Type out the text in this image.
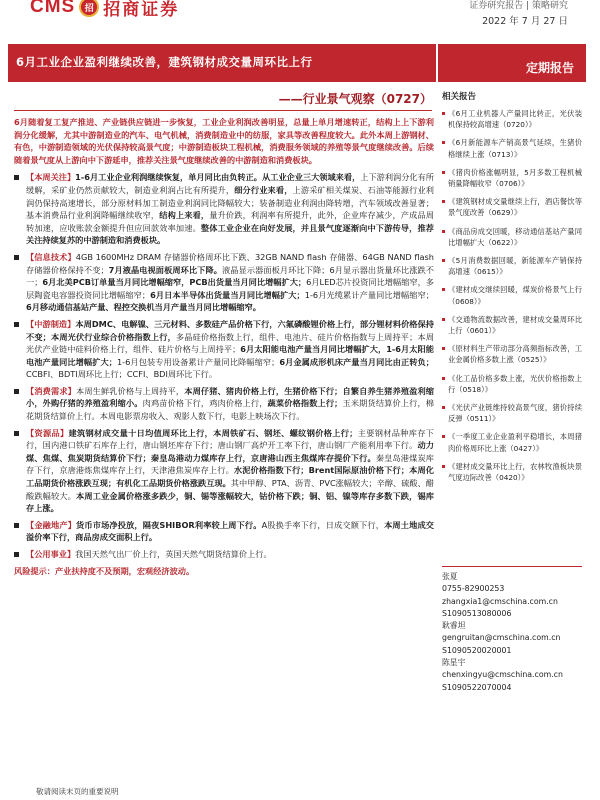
CMS	招 招商证券	证券研究报告 | 策略研究
2022 年 7 月 27 日
6月工业企业盈利继续改善，建筑钢材成交量周环比上行	定期报告
——行业景气观察（0727）
6月随着复工复产推进、产业链供应链进一步恢复，工业企业利润改善明显，总量上单月增速转正，结构上上下游利润分化缓解，尤其中游制造业的汽车、电气机械，消费制造业中的纺服，家具等改善程度较大。此外本周上游钢材、有色，中游制造领域的光伏保持较高景气度；中游制造板块工程机械，消费服务领域的养殖等景气度继续改善。后续随着景气度从上游向中下游延申，推荐关注景气度继续改善的中游制造和消费板块。
【本周关注】1-6月工业企业利润继续恢复，单月同比由负转正。从工业企业三大领域来看，上下游利润分化有所缓解，采矿业仍然贡献较大，制造业利润占比有所提升，细分行业来看，上游采矿相关煤炭、石油等能源行业利润仍保持高速增长，部分原材料加工制造业利润同比降幅较大；装备制造业利润由降转增，汽车领域改善显著；基本消费品行业利润降幅继续收窄，结构上来看，量升价跌，利润率有所提升，此外，企业库存减少，产成品周转加速，应收账款金额提升但应回款效率加速。整体工业企业在向好发展，并且景气度逐渐向中下游传导，推荐关注持续复苏的中游制造和消费板块。
【信息技术】4GB 1600MHz DRAM 存储器价格周环比下跌、32GB NAND flash 存储器、64GB NAND flash 存储器价格保持不变；7月液晶电视面板周环比下降。液晶显示器面板月环比下降；6月显示器出货量环比涨跌不一；6月北美PCB订单量当月同比增幅缩窄，PCB出货量当月同比增幅扩大；6月LED芯片投资同比增幅缩窄，多层陶瓷电容器投资同比增幅缩窄；6月日本半导体出货量当月同比增幅扩大；1-6月光缆累计产量同比增幅缩窄；6月移动通信基站产量、程控交换机当月产量当月同比增幅缩窄。
【中游制造】本周DMC、电解镍、三元材料、多数硅产品价格下行，六氟磷酸锂价格上行，部分锂材料价格保持不变；本周光伏行业综合价格指数上行，多晶硅价格指数上行，组件、电池片、硅片价格指数与上周持平；本周光伏产业链中硅料价格上行，组件、硅片价格与上周持平；6月太阳能电池产量当月同比增幅扩大，1-6月太阳能电池产量同比增幅扩大；1-6月包装专用设备累计产量同比降幅缩窄；6月金属成形机床产量当月同比由正转负；CCBFI、BDTI周环比上行；CCFI、BDI周环比下行。
【消费需求】本周生鲜乳价格与上周持平，本周仔猪、猪肉价格上行，生猪价格下行；自繁自养生猪养殖盈利缩小，外购仔猪的养殖盈利缩小。肉鸡苗价格下行，鸡肉价格上行，蔬菜价格指数上行；玉米期货结算价上行，棉花期货结算价上行。本周电影票房收入、观影人数下行，电影上映场次下行。
【资源品】建筑钢材成交量十日均值周环比上行，本周铁矿石、钢坯、螺纹钢价格上行；主要钢材品种库存下行，国内港口铁矿石库存上行，唐山钢坯库存下行；唐山钢厂高炉开工率下行，唐山钢厂产能利用率下行。动力煤、焦煤、焦炭期货结算价下行；秦皇岛港动力煤库存上行，京唐港山西主焦煤库存提价下行。秦皇岛港煤炭库存下行，京唐港炼焦煤库存上行，天津港焦炭库存上行。水泥价格指数下行；Brent国际原油价格下行；本周化工品期货价格涨跌互现；有机化工品期货价格涨跌互现。其中甲醇、PTA、沥青、PVC涨幅较大；辛醇、硫酸、醋酸跌幅较大。本周工业金属价格涨多跌少，铜、锡等涨幅较大，钴价格下跌；铜、铝、镍等库存多数下跌，锡库存上涨。
【金融地产】货币市场净投放，隔夜SHIBOR利率较上周下行。A股换手率下行，日成交额下行，本周土地成交溢价率下行，商品房成交面积上行。
【公用事业】我国天然气出厂价上行，英国天然气期货结算价上行。
风险提示：产业扶持度不及预期，宏观经济波动。
敬请阅读末页的重要说明
相关报告
《6月工业机器人产量同比转正，光伏装机保持较高增速（0720）》
《6月新能源车产销高景气延续，生猪价格继续上涨（0713）》
《猪肉价格涨幅明显，5月多数工程机械销量降幅收窄（0706）》
《建筑钢材成交量继续上行，酒店餐饮等景气度改善（0629）》
《商品房成交回暖，移动通信基站产量同比增幅扩大（0622）》
《5月消费数据回暖，新能源车产销保持高增速（0615）》
《建材成交继续回暖，煤炭价格景气上行（0608）》
《交通物流数据改善，建材成交量周环比上行（0601）》
《原材料生产带动部分高频指标改善，工业金属价格多数上涨（0525）》
《化工品价格多数上涨，光伏价格指数上行（0518）》
《光伏产业链维持较高景气度，猪价持续反弹（0511）》
《一季度工业企业盈利平稳增长，本周猪肉价格周环比上涨（0427）》
《建材成交量环比上行，农林牧渔板块景气度边际改善（0420）》
张夏
0755-82900253
zhangxia1@cmschina.com.cn
S1090513080006
耿睿坦
gengruitan@cmschina.com.cn
S1090520020001
陈星宇
chenxingyu@cmschina.com.cn
S1090522070004
